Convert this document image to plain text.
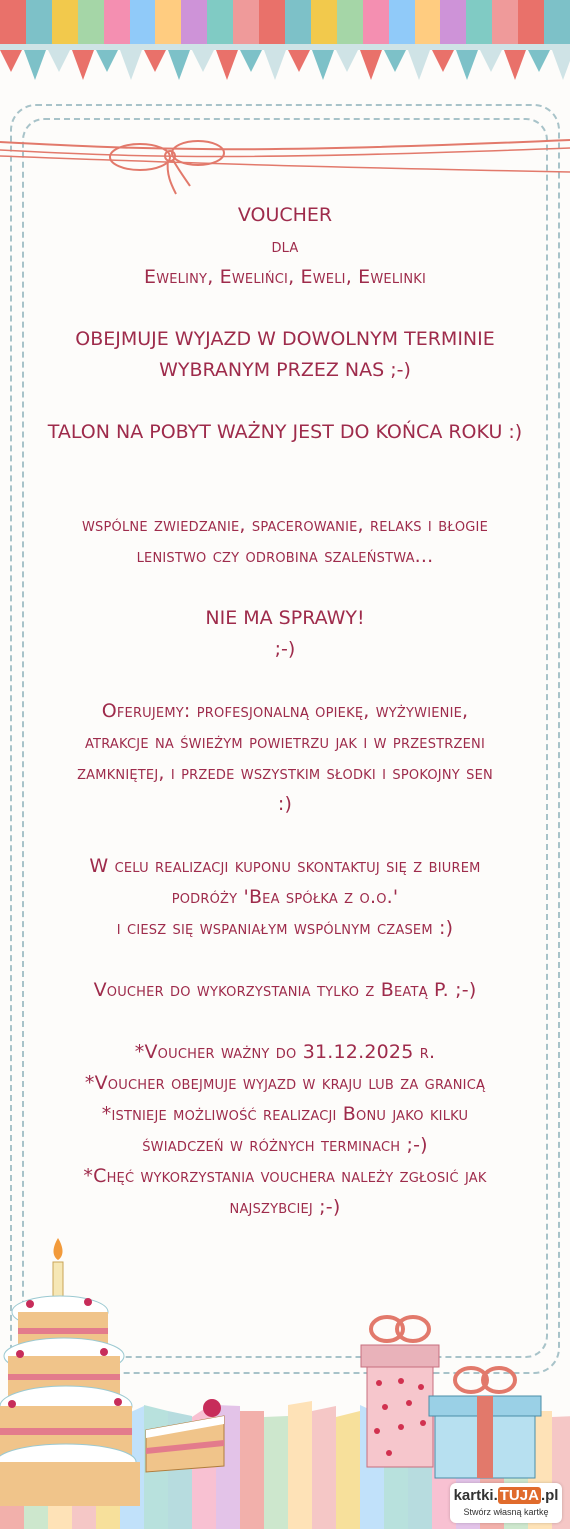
VOUCHER
dla
Eweliny, Ewelińci, Eweli, Ewelinki
OBEJMUJE WYJAZD W DOWOLNYM TERMINIE
WYBRANYM PRZEZ NAS ;-)
TALON NA POBYT WAŻNY JEST DO KOŃCA ROKU :)
wspólne zwiedzanie, spacerowanie, relaks i błogie
lenistwo czy odrobina szaleństwa...
NIE MA SPRAWY!
;-)
Oferujemy: profesjonalną opiekę, wyżywienie,
atrakcje na świeżym powietrzu jak i w przestrzeni
zamkniętej, i przede wszystkim słodki i spokojny sen
:)
W celu realizacji kuponu skontaktuj się z biurem
podróży 'Bea spółka z o.o.'
i ciesz się wspaniałym wspólnym czasem :)
Voucher do wykorzystania tylko z Beatą P. ;-)
*Voucher ważny do 31.12.2025 r.
*Voucher obejmuje wyjazd w kraju lub za granicą
*istnieje możliwość realizacji Bonu jako kilku
świadczeń w różnych terminach ;-)
*Chęć wykorzystania vouchera należy zgłosić jak
najszybciej ;-)
kartki. TUJA .pl
Stwórz własną kartkę
